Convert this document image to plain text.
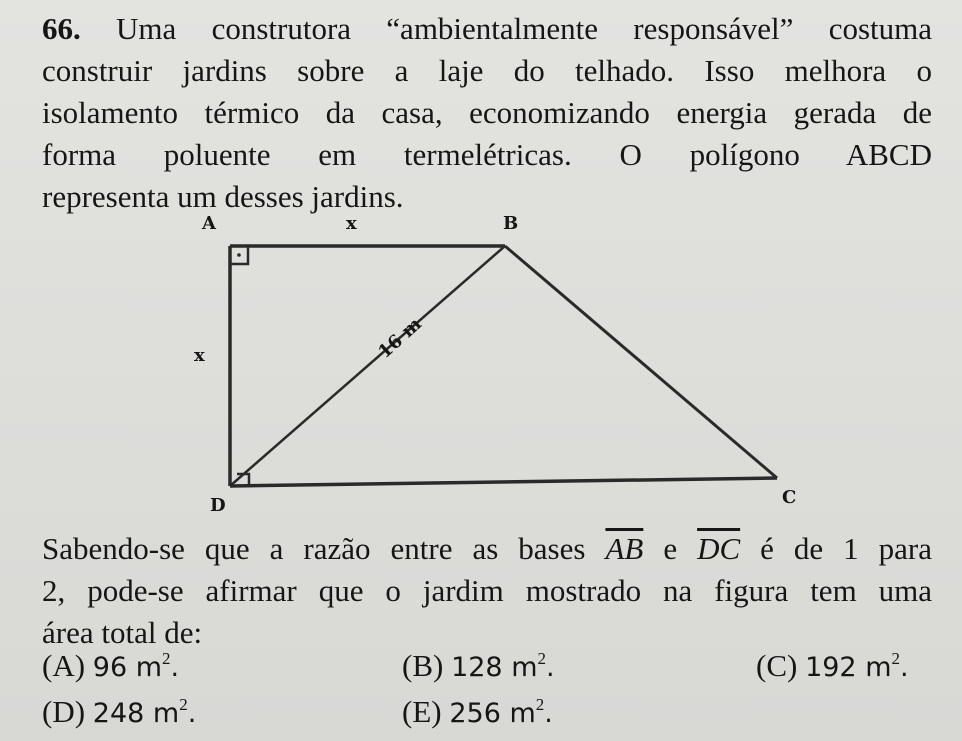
66. Uma construtora “ambientalmente responsável” costuma
construir jardins sobre a laje do telhado. Isso melhora o
isolamento térmico da casa, economizando energia gerada de
forma poluente em termelétricas. O polígono ABCD
representa um desses jardins.
A	B
C
D
x
x	16 m
Sabendo-se que a razão entre as bases $\overline{AB}$ e $\overline{DC}$ é de 1 para
2, pode-se afirmar que o jardim mostrado na figura tem uma
área total de:
(A) 96 $m^2$.	(B) 128 $m^2$.	(C) 192 $m^2$.
(D) 248 $m^2$.	(E) 256 $m^2$.
